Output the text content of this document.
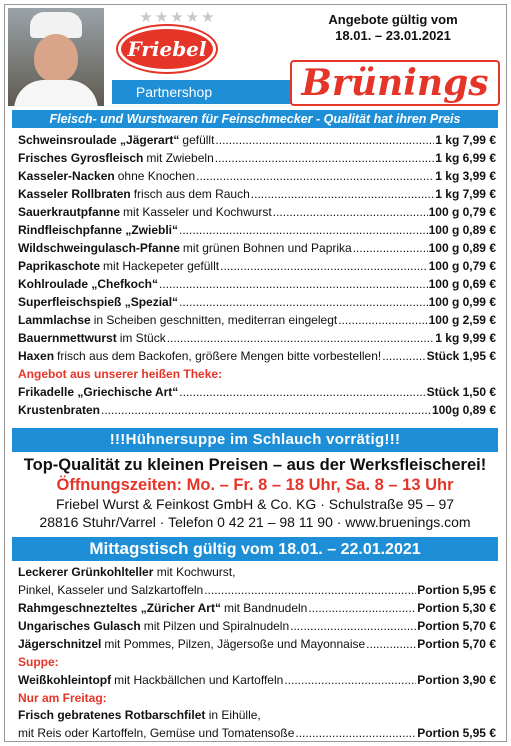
★★★★★
Friebel
Partnershop
Angebote gültig vom
18.01. – 23.01.2021
Brünings
Fleisch- und Wurstwaren für Feinschmecker - Qualität hat ihren Preis
Schweinsroulade „Jägerart“ gefüllt .....	1 kg 7,99 €
Frisches Gyrosfleisch mit Zwiebeln .....	1 kg 6,99 €
Kasseler-Nacken ohne Knochen .....	1 kg 3,99 €
Kasseler Rollbraten frisch aus dem Rauch .....	1 kg 7,99 €
Sauerkrautpfanne mit Kasseler und Kochwurst .....	100 g 0,79 €
Rindfleischpfanne „Zwiebli“ .....	100 g 0,89 €
Wildschweingulasch-Pfanne mit grünen Bohnen und Paprika .....	100 g 0,89 €
Paprikaschote mit Hackepeter gefüllt .....	100 g 0,79 €
Kohlroulade „Chefkoch“ .....	100 g 0,69 €
Superfleischspieß „Spezial“ .....	100 g 0,99 €
Lammlachse in Scheiben geschnitten, mediterran eingelegt .....	100 g 2,59 €
Bauernmettwurst im Stück .....	1 kg 9,99 €
Haxen frisch aus dem Backofen, größere Mengen bitte vorbestellen! .....	Stück 1,95 €
Angebot aus unserer heißen Theke:
Frikadelle „Griechische Art“ .....	Stück 1,50 €
Krustenbraten .....	100g 0,89 €
!!!Hühnersuppe im Schlauch vorrätig!!!
Top-Qualität zu kleinen Preisen – aus der Werksfleischerei!
Öffnungszeiten: Mo. – Fr. 8 – 18 Uhr, Sa. 8 – 13 Uhr
Friebel Wurst & Feinkost GmbH & Co. KG · Schulstraße 95 – 97
28816 Stuhr/Varrel · Telefon 0 42 21 – 98 11 90 · www.bruenings.com
Mittagstisch gültig vom 18.01. – 22.01.2021
Leckerer Grünkohlteller mit Kochwurst,
Pinkel, Kasseler und Salzkartoffeln .....	Portion 5,95 €
Rahmgeschnezteltes „Züricher Art“ mit Bandnudeln .....	Portion 5,30 €
Ungarisches Gulasch mit Pilzen und Spiralnudeln .....	Portion 5,70 €
Jägerschnitzel mit Pommes, Pilzen, Jägersoße und Mayonnaise .....	Portion 5,70 €
Suppe:
Weißkohleintopf mit Hackbällchen und Kartoffeln .....	Portion 3,90 €
Nur am Freitag:
Frisch gebratenes Rotbarschfilet in Eihülle,
mit Reis oder Kartoffeln, Gemüse und Tomatensoße .....	Portion 5,95 €
